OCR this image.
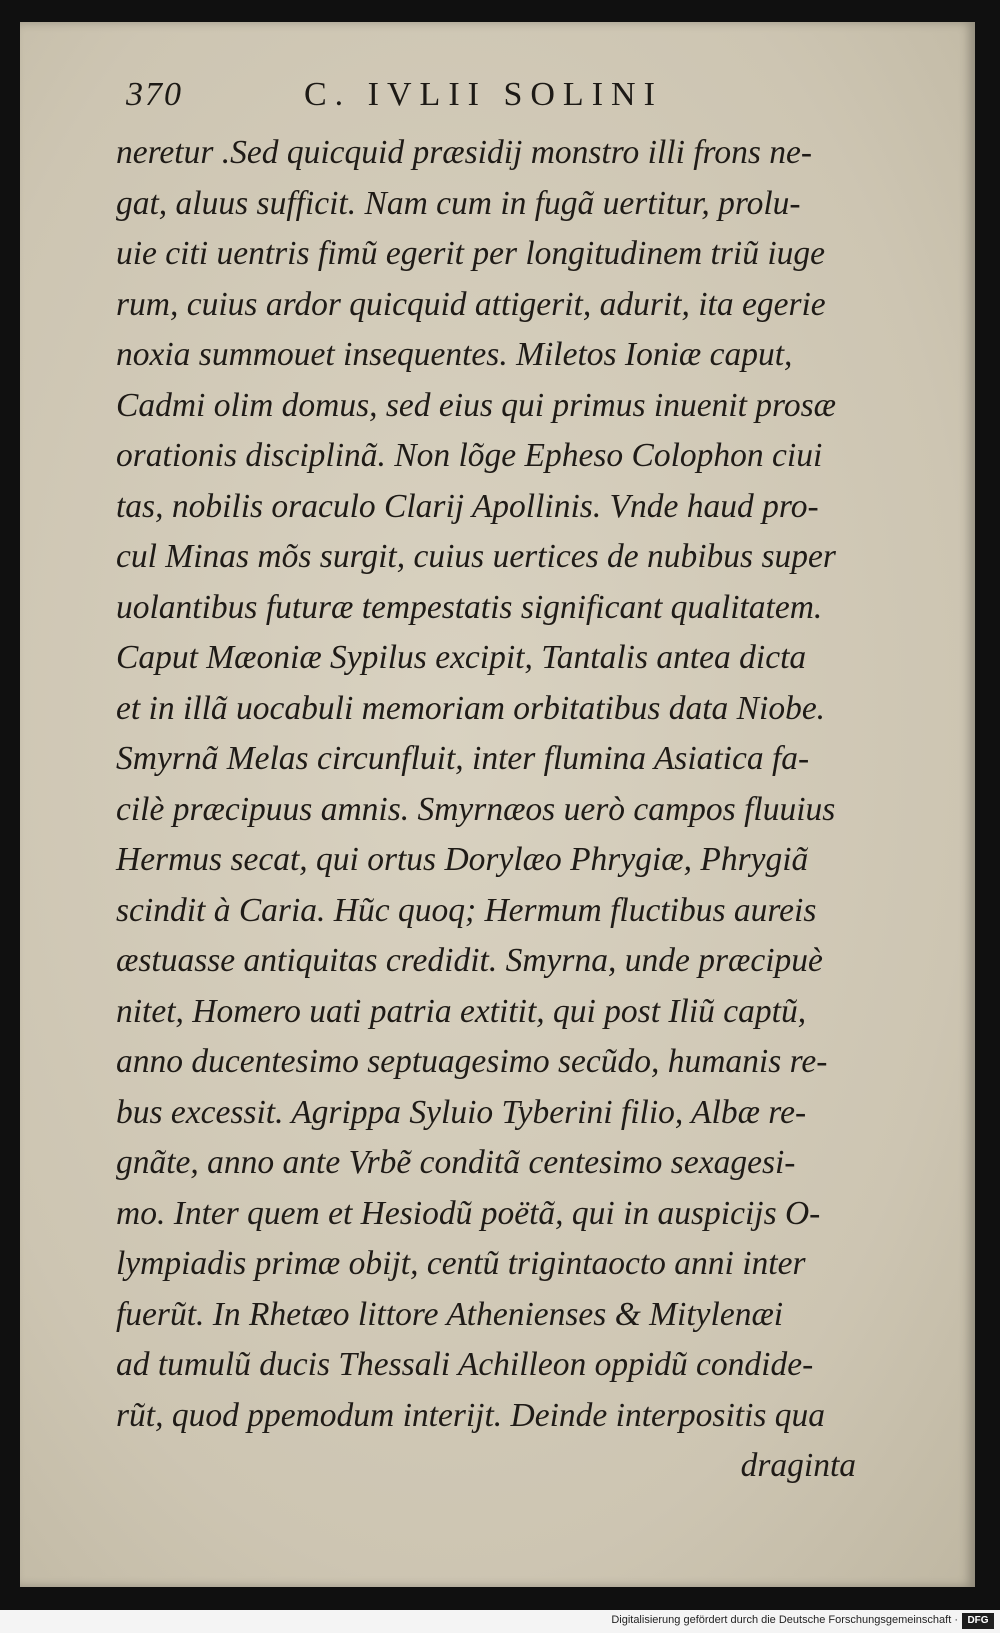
370	C. IVLII SOLINI
neretur .Sed quicquid præsidij monstro illi frons ne-
gat, aluus sufficit. Nam cum in fugã uertitur, prolu-
uie citi uentris fimũ egerit per longitudinem triũ iuge
rum, cuius ardor quicquid attigerit, adurit, ita egerie
noxia summouet insequentes. Miletos Ioniæ caput,
Cadmi olim domus, sed eius qui primus inuenit prosæ
orationis disciplinã. Non lõge Epheso Colophon ciui
tas, nobilis oraculo Clarij Apollinis. Vnde haud pro-
cul Minas mõs surgit, cuius uertices de nubibus super
uolantibus futuræ tempestatis significant qualitatem.
Caput Mæoniæ Sypilus excipit, Tantalis antea dicta
et in illã uocabuli memoriam orbitatibus data Niobe.
Smyrnã Melas circunfluit, inter flumina Asiatica fa-
cilè præcipuus amnis. Smyrnæos uerò campos fluuius
Hermus secat, qui ortus Dorylæo Phrygiæ, Phrygiã
scindit à Caria. Hũc quoq; Hermum fluctibus aureis
æstuasse antiquitas credidit. Smyrna, unde præcipuè
nitet, Homero uati patria extitit, qui post Iliũ captũ,
anno ducentesimo septuagesimo secũdo, humanis re-
bus excessit. Agrippa Syluio Tyberini filio, Albæ re-
gnãte, anno ante Vrbẽ conditã centesimo sexagesi-
mo. Inter quem et Hesiodũ poëtã, qui in auspicijs O-
lympiadis primæ obijt, centũ trigintaocto anni inter
fuerũt. In Rhetæo littore Athenienses & Mitylenæi
ad tumulũ ducis Thessali Achilleon oppidũ condide-
rũt, quod ppemodum interijt. Deinde interpositis qua
draginta
Digitalisierung gefördert durch die Deutsche Forschungsgemeinschaft · DFG
